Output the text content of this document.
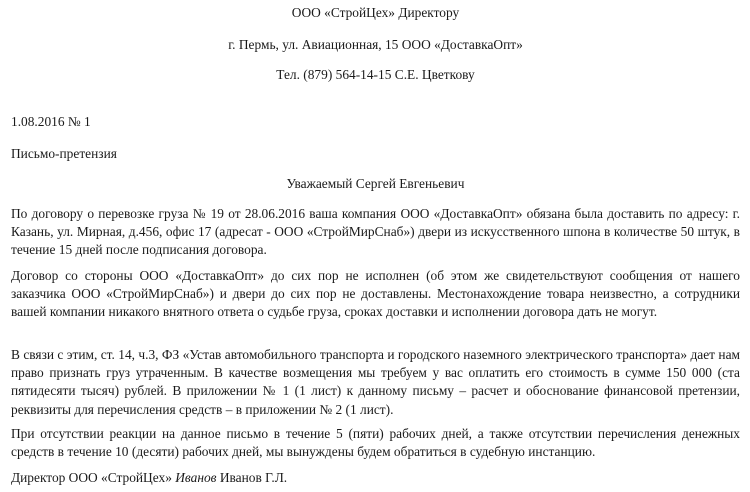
ООО «СтройЦех» Директору
г. Пермь, ул. Авиационная, 15 ООО «ДоставкаОпт»
Тел. (879) 564-14-15 С.Е. Цветкову
1.08.2016 № 1
Письмо-претензия
Уважаемый Сергей Евгеньевич
По договору о перевозке груза № 19 от 28.06.2016 ваша компания ООО «ДоставкаОпт» обязана была доставить по адресу: г. Казань, ул. Мирная, д.456, офис 17 (адресат - ООО «СтройМирСнаб») двери из искусственного шпона в количестве 50 штук, в течение 15 дней после подписания договора.
Договор со стороны ООО «ДоставкаОпт» до сих пор не исполнен (об этом же свидетельствуют сообщения от нашего заказчика ООО «СтройМирСнаб») и двери до сих пор не доставлены. Местонахождение товара неизвестно, а сотрудники вашей компании никакого внятного ответа о судьбе груза, сроках доставки и исполнении договора дать не могут.
В связи с этим, ст. 14, ч.3, ФЗ «Устав автомобильного транспорта и городского наземного электрического транспорта» дает нам право признать груз утраченным. В качестве возмещения мы требуем у вас оплатить его стоимость в сумме 150 000 (ста пятидесяти тысяч) рублей. В приложении № 1 (1 лист) к данному письму – расчет и обоснование финансовой претензии, реквизиты для перечисления средств – в приложении № 2 (1 лист).
При отсутствии реакции на данное письмо в течение 5 (пяти) рабочих дней, а также отсутствии перечисления денежных средств в течение 10 (десяти) рабочих дней, мы вынуждены будем обратиться в судебную инстанцию.
Директор ООО «СтройЦех» Иванов Иванов Г.Л.
